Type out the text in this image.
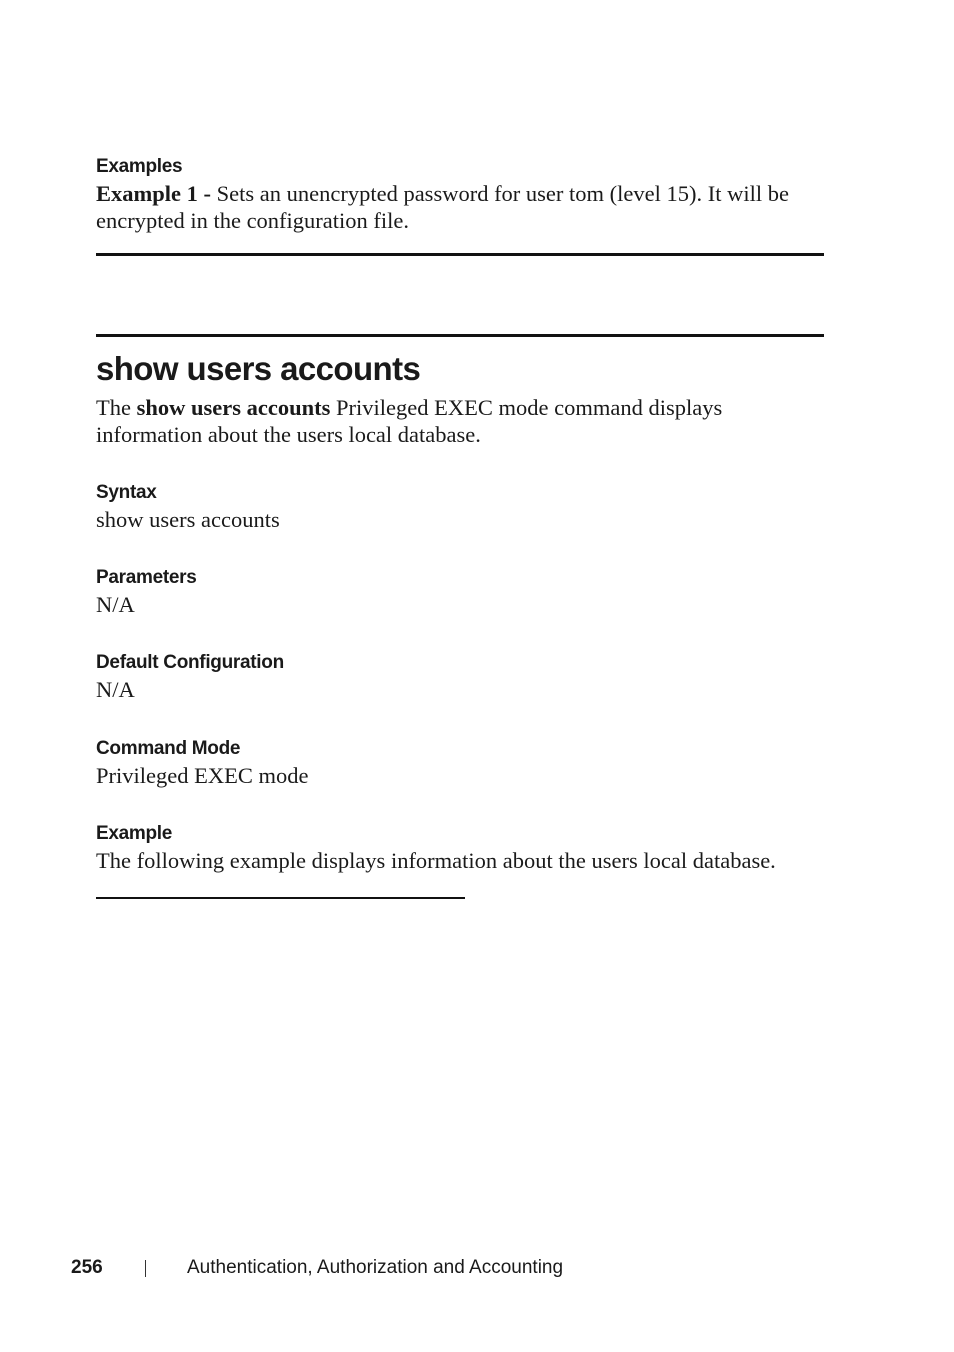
Examples

Example 1 - Sets an unencrypted password for user tom (level 15). It will be
encrypted in the configuration file.

show users accounts

The show users accounts Privileged EXEC mode command displays
information about the users local database.

Syntax

show users accounts

Parameters

N/A

Default Configuration

N/A

Command Mode

Privileged EXEC mode

Example

The following example displays information about the users local database.

256	Authentication, Authorization and Accounting
